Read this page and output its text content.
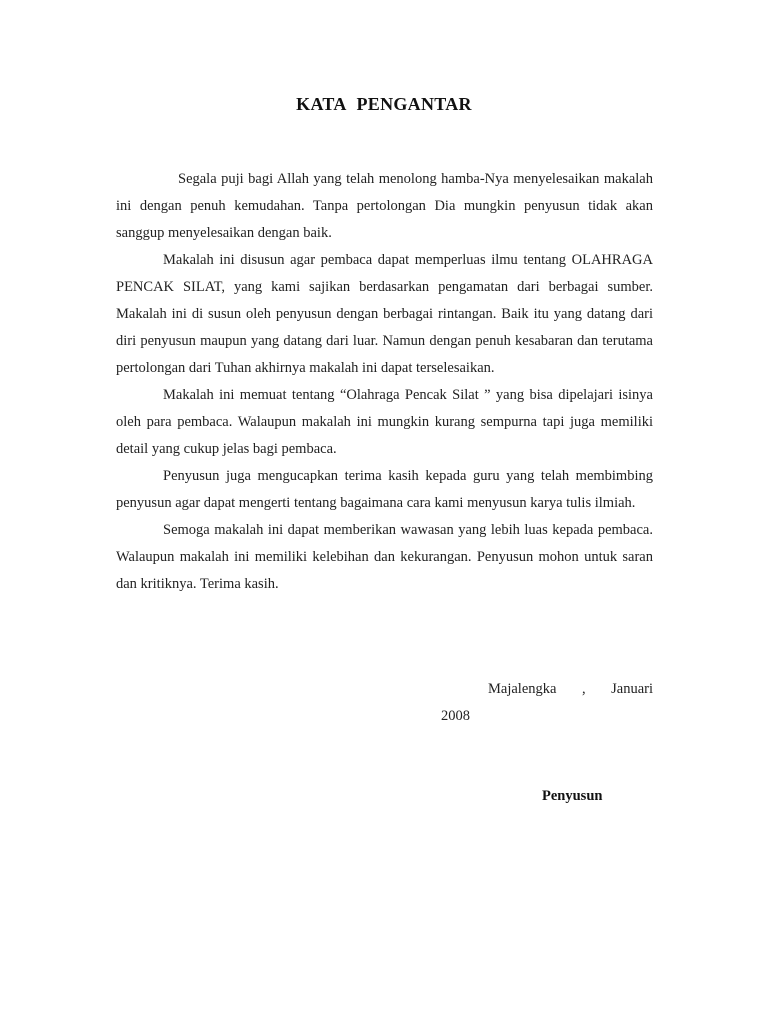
KATA PENGANTAR

Segala puji bagi Allah yang telah menolong hamba-Nya menyelesaikan makalah ini dengan penuh kemudahan. Tanpa pertolongan Dia mungkin penyusun tidak akan sanggup menyelesaikan dengan baik.

Makalah ini disusun agar pembaca dapat memperluas ilmu tentang OLAHRAGA PENCAK SILAT, yang kami sajikan berdasarkan pengamatan dari berbagai sumber. Makalah ini di susun oleh penyusun dengan berbagai rintangan. Baik itu yang datang dari diri penyusun maupun yang datang dari luar. Namun dengan penuh kesabaran dan terutama pertolongan dari Tuhan akhirnya makalah ini dapat terselesaikan.

Makalah ini memuat tentang “Olahraga Pencak Silat ” yang bisa dipelajari isinya oleh para pembaca. Walaupun makalah ini mungkin kurang sempurna tapi juga memiliki detail yang cukup jelas bagi pembaca.

Penyusun juga mengucapkan terima kasih kepada guru yang telah membimbing penyusun agar dapat mengerti tentang bagaimana cara kami menyusun karya tulis ilmiah.

Semoga makalah ini dapat memberikan wawasan yang lebih luas kepada pembaca. Walaupun makalah ini memiliki kelebihan dan kekurangan. Penyusun mohon untuk saran dan kritiknya. Terima kasih.

Majalengka , Januari
2008
Penyusun
